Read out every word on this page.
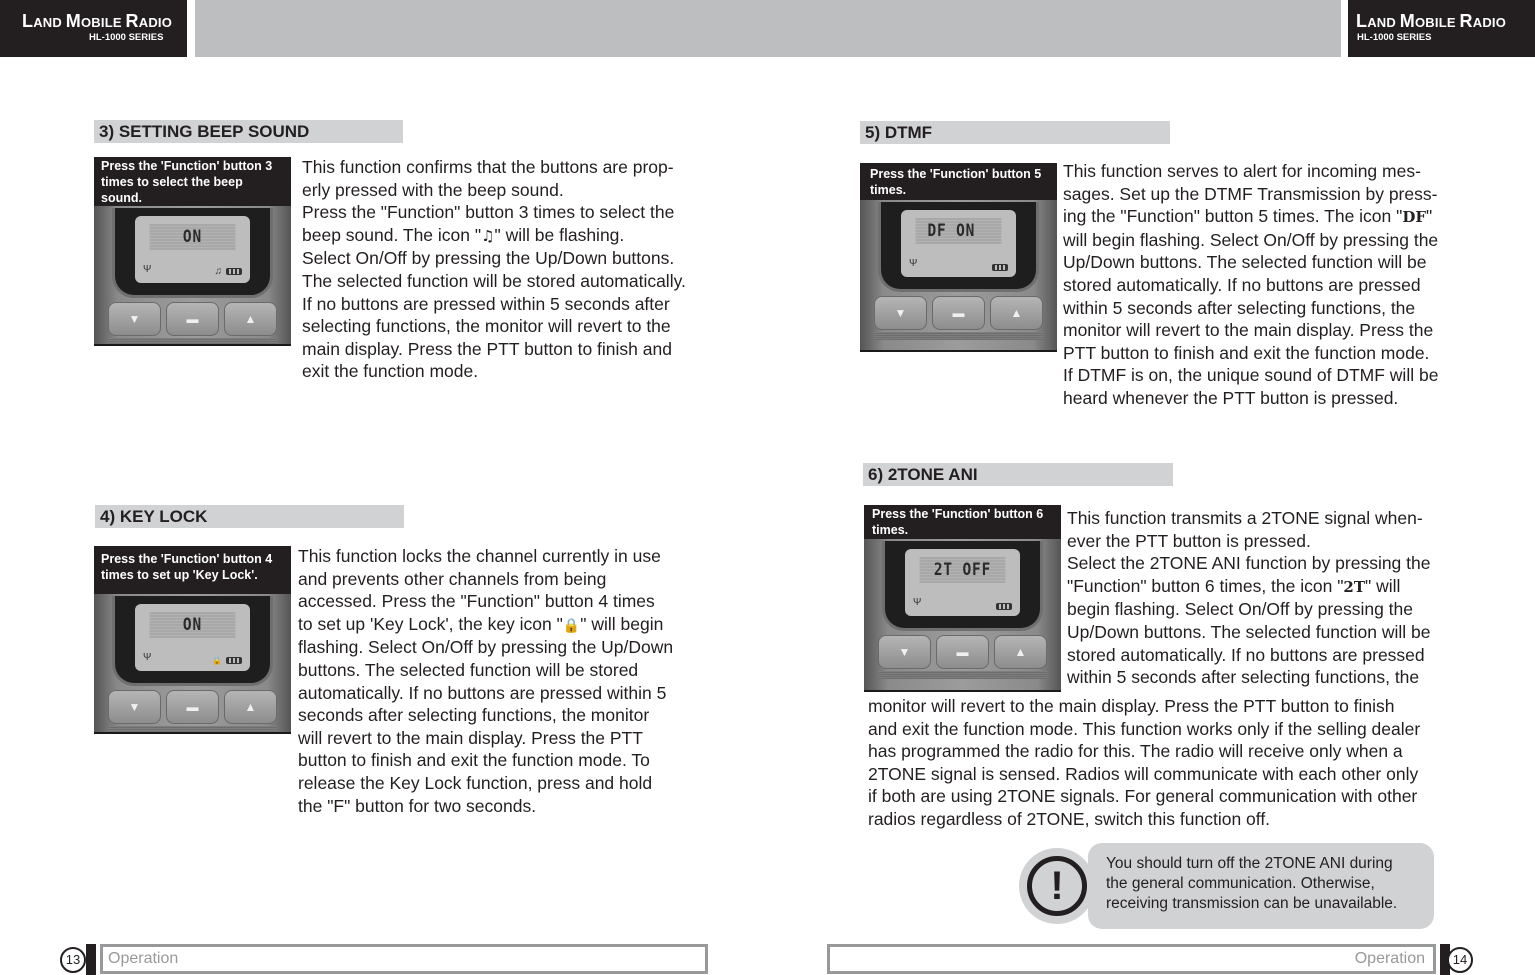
LAND MOBILE RADIO
HL-1000 SERIES
LAND MOBILE RADIO
HL-1000 SERIES
3) SETTING BEEP SOUND
Press the 'Function' button 3 times to select the beep sound.
ON
Ψ	♫
▼	▬	▲
This function confirms that the buttons are prop-
erly pressed with the beep sound.
Press the "Function" button 3 times to select the
beep sound. The icon "♫" will be flashing.
Select On/Off by pressing the Up/Down buttons.
The selected function will be stored automatically.
If no buttons are pressed within 5 seconds after
selecting functions, the monitor will revert to the
main display. Press the PTT button to finish and
exit the function mode.
4) KEY LOCK
Press the 'Function' button 4 times to set up 'Key Lock'.
ON
Ψ	🔒
▼	▬	▲
This function locks the channel currently in use
and prevents other channels from being
accessed. Press the "Function" button 4 times
to set up 'Key Lock', the key icon "🔒" will begin
flashing. Select On/Off by pressing the Up/Down
buttons. The selected function will be stored
automatically. If no buttons are pressed within 5
seconds after selecting functions, the monitor
will revert to the main display. Press the PTT
button to finish and exit the function mode. To
release the Key Lock function, press and hold
the "F" button for two seconds.
5) DTMF
Press the 'Function' button 5 times.
DF ON
Ψ
▼	▬	▲
This function serves to alert for incoming mes-
sages. Set up the DTMF Transmission by press-
ing the "Function" button 5 times. The icon "DF"
will begin flashing. Select On/Off by pressing the
Up/Down buttons. The selected function will be
stored automatically. If no buttons are pressed
within 5 seconds after selecting functions, the
monitor will revert to the main display. Press the
PTT button to finish and exit the function mode.
If DTMF is on, the unique sound of DTMF will be
heard whenever the PTT button is pressed.
6) 2TONE ANI
Press the 'Function' button 6 times.
2T OFF
Ψ
▼	▬	▲
This function transmits a 2TONE signal when-
ever the PTT button is pressed.
Select the 2TONE ANI function by pressing the
"Function" button 6 times, the icon "2T" will
begin flashing. Select On/Off by pressing the
Up/Down buttons. The selected function will be
stored automatically. If no buttons are pressed
within 5 seconds after selecting functions, the
monitor will revert to the main display. Press the PTT button to finish
and exit the function mode. This function works only if the selling dealer
has programmed the radio for this. The radio will receive only when a
2TONE signal is sensed. Radios will communicate with each other only
if both are using 2TONE signals. For general communication with other
radios regardless of 2TONE, switch this function off.
You should turn off the 2TONE ANI during
the general communication. Otherwise,
receiving transmission can be unavailable.
!
13	Operation	Operation	14
